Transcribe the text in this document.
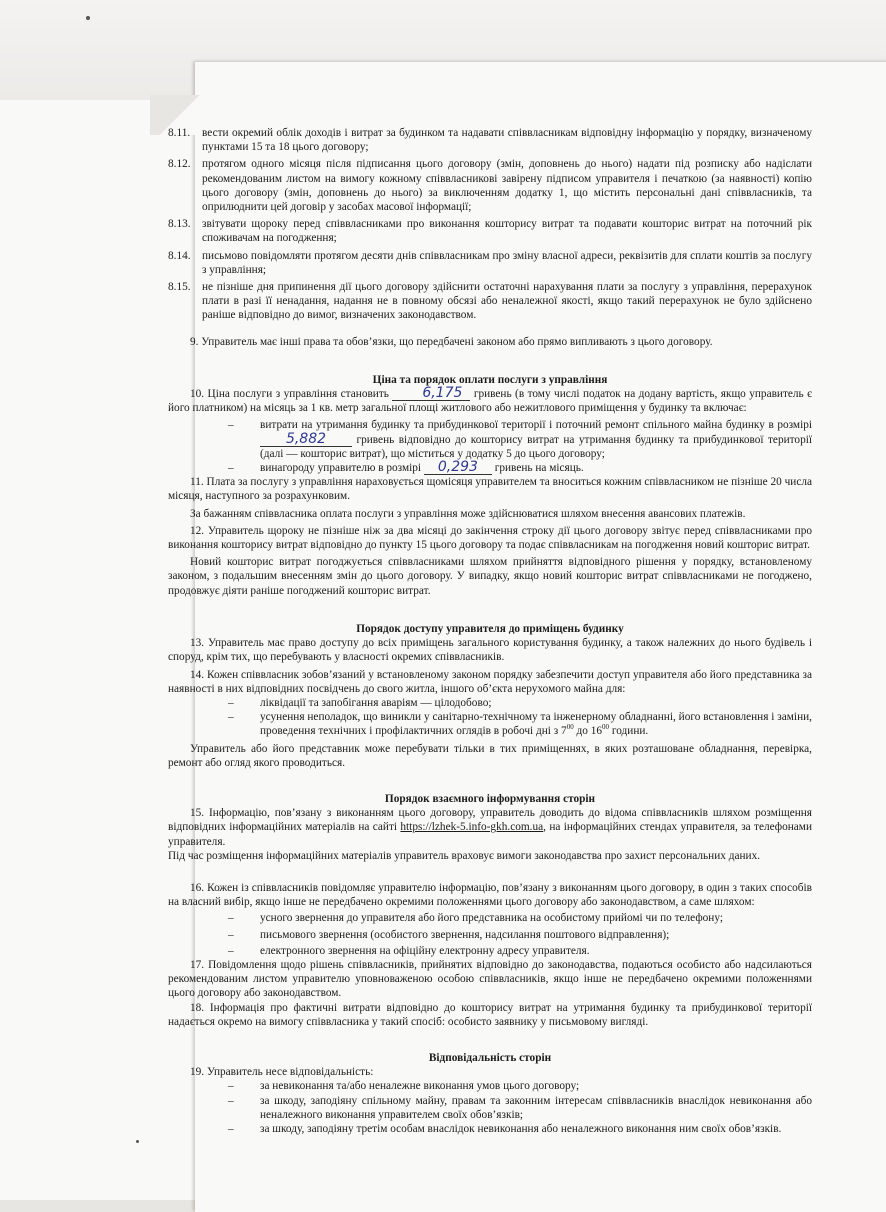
8.11.	вести окремий облік доходів і витрат за будинком та надавати співвласникам відповідну інформацію у порядку, визначеному пунктами 15 та 18 цього договору;
8.12.	протягом одного місяця після підписання цього договору (змін, доповнень до нього) надати під розписку або надіслати рекомендованим листом на вимогу кожному співвласникові завірену підписом управителя і печаткою (за наявності) копію цього договору (змін, доповнень до нього) за виключенням додатку 1, що містить персональні дані співвласників, та оприлюднити цей договір у засобах масової інформації;
8.13.	звітувати щороку перед співвласниками про виконання кошторису витрат та подавати кошторис витрат на поточний рік споживачам на погодження;
8.14.	письмово повідомляти протягом десяти днів співвласникам про зміну власної адреси, реквізитів для сплати коштів за послугу з управління;
8.15.	не пізніше дня припинення дії цього договору здійснити остаточні нарахування плати за послугу з управління, перерахунок плати в разі її ненадання, надання не в повному обсязі або неналежної якості, якщо такий перерахунок не було здійснено раніше відповідно до вимог, визначених законодавством.

9. Управитель має інші права та обов’язки, що передбачені законом або прямо випливають з цього договору.

Ціна та порядок оплати послуги з управління

10. Ціна послуги з управління становить 6,175 гривень (в тому числі податок на додану вартість, якщо управитель є його платником) на місяць за 1 кв. метр загальної площі житлового або нежитлового приміщення у будинку та включає:

–	витрати на утримання будинку та прибудинкової території і поточний ремонт спільного майна будинку в розмірі 5,882	гривень відповідно до кошторису витрат на утримання будинку та прибудинкової території (далі — кошторис витрат), що міститься у додатку 5 до цього договору;
–	винагороду управителю в розмірі 0,293 гривень на місяць.

11. Плата за послугу з управління нараховується щомісяця управителем та вноситься кожним співвласником не пізніше 20 числа місяця, наступного за розрахунковим.

За бажанням співвласника оплата послуги з управління може здійснюватися шляхом внесення авансових платежів.

12. Управитель щороку не пізніше ніж за два місяці до закінчення строку дії цього договору звітує перед співвласниками про виконання кошторису витрат відповідно до пункту 15 цього договору та подає співвласникам на погодження новий кошторис витрат.

Новий кошторис витрат погоджується співвласниками шляхом прийняття відповідного рішення у порядку, встановленому законом, з подальшим внесенням змін до цього договору. У випадку, якщо новий кошторис витрат співвласниками не погоджено, продовжує діяти раніше погоджений кошторис витрат.

Порядок доступу управителя до приміщень будинку

13. Управитель має право доступу до всіх приміщень загального користування будинку, а також належних до нього будівель і споруд, крім тих, що перебувають у власності окремих співвласників.

14. Кожен співвласник зобов’язаний у встановленому законом порядку забезпечити доступ управителя або його представника за наявності в них відповідних посвідчень до свого житла, іншого об’єкта нерухомого майна для:

–	ліквідації та запобігання аваріям — цілодобово;
–	усунення неполадок, що виникли у санітарно-технічному та інженерному обладнанні, його встановлення і заміни, проведення технічних і профілактичних оглядів в робочі дні з $7^{00}$ до $16^{00}$ години.

Управитель або його представник може перебувати тільки в тих приміщеннях, в яких розташоване обладнання, перевірка, ремонт або огляд якого проводиться.

Порядок взаємного інформування сторін

15. Інформацію, пов’язану з виконанням цього договору, управитель доводить до відома співвласників шляхом розміщення відповідних інформаційних матеріалів на сайті https://lzhek-5.info-gkh.com.ua, на інформаційних стендах управителя, за телефонами управителя.

Під час розміщення інформаційних матеріалів управитель враховує вимоги законодавства про захист персональних даних.

16. Кожен із співвласників повідомляє управителю інформацію, пов’язану з виконанням цього договору, в один з таких способів на власний вибір, якщо інше не передбачено окремими положеннями цього договору або законодавством, а саме шляхом:

–	усного звернення до управителя або його представника на особистому прийомі чи по телефону;
–	письмового звернення (особистого звернення, надсилання поштового відправлення);
–	електронного звернення на офіційну електронну адресу управителя.

17. Повідомлення щодо рішень співвласників, прийнятих відповідно до законодавства, подаються особисто або надсилаються рекомендованим листом управителю уповноваженою особою співвласників, якщо інше не передбачено окремими положеннями цього договору або законодавством.

18. Інформація про фактичні витрати відповідно до кошторису витрат на утримання будинку та прибудинкової території надається окремо на вимогу співвласника у такий спосіб: особисто заявнику у письмовому вигляді.

Відповідальність сторін

19. Управитель несе відповідальність:

–	за невиконання та/або неналежне виконання умов цього договору;
–	за шкоду, заподіяну спільному майну, правам та законним інтересам співвласників внаслідок невиконання або неналежного виконання управителем своїх обов’язків;
–	за шкоду, заподіяну третім особам внаслідок невиконання або неналежного виконання ним своїх обов’язків.
